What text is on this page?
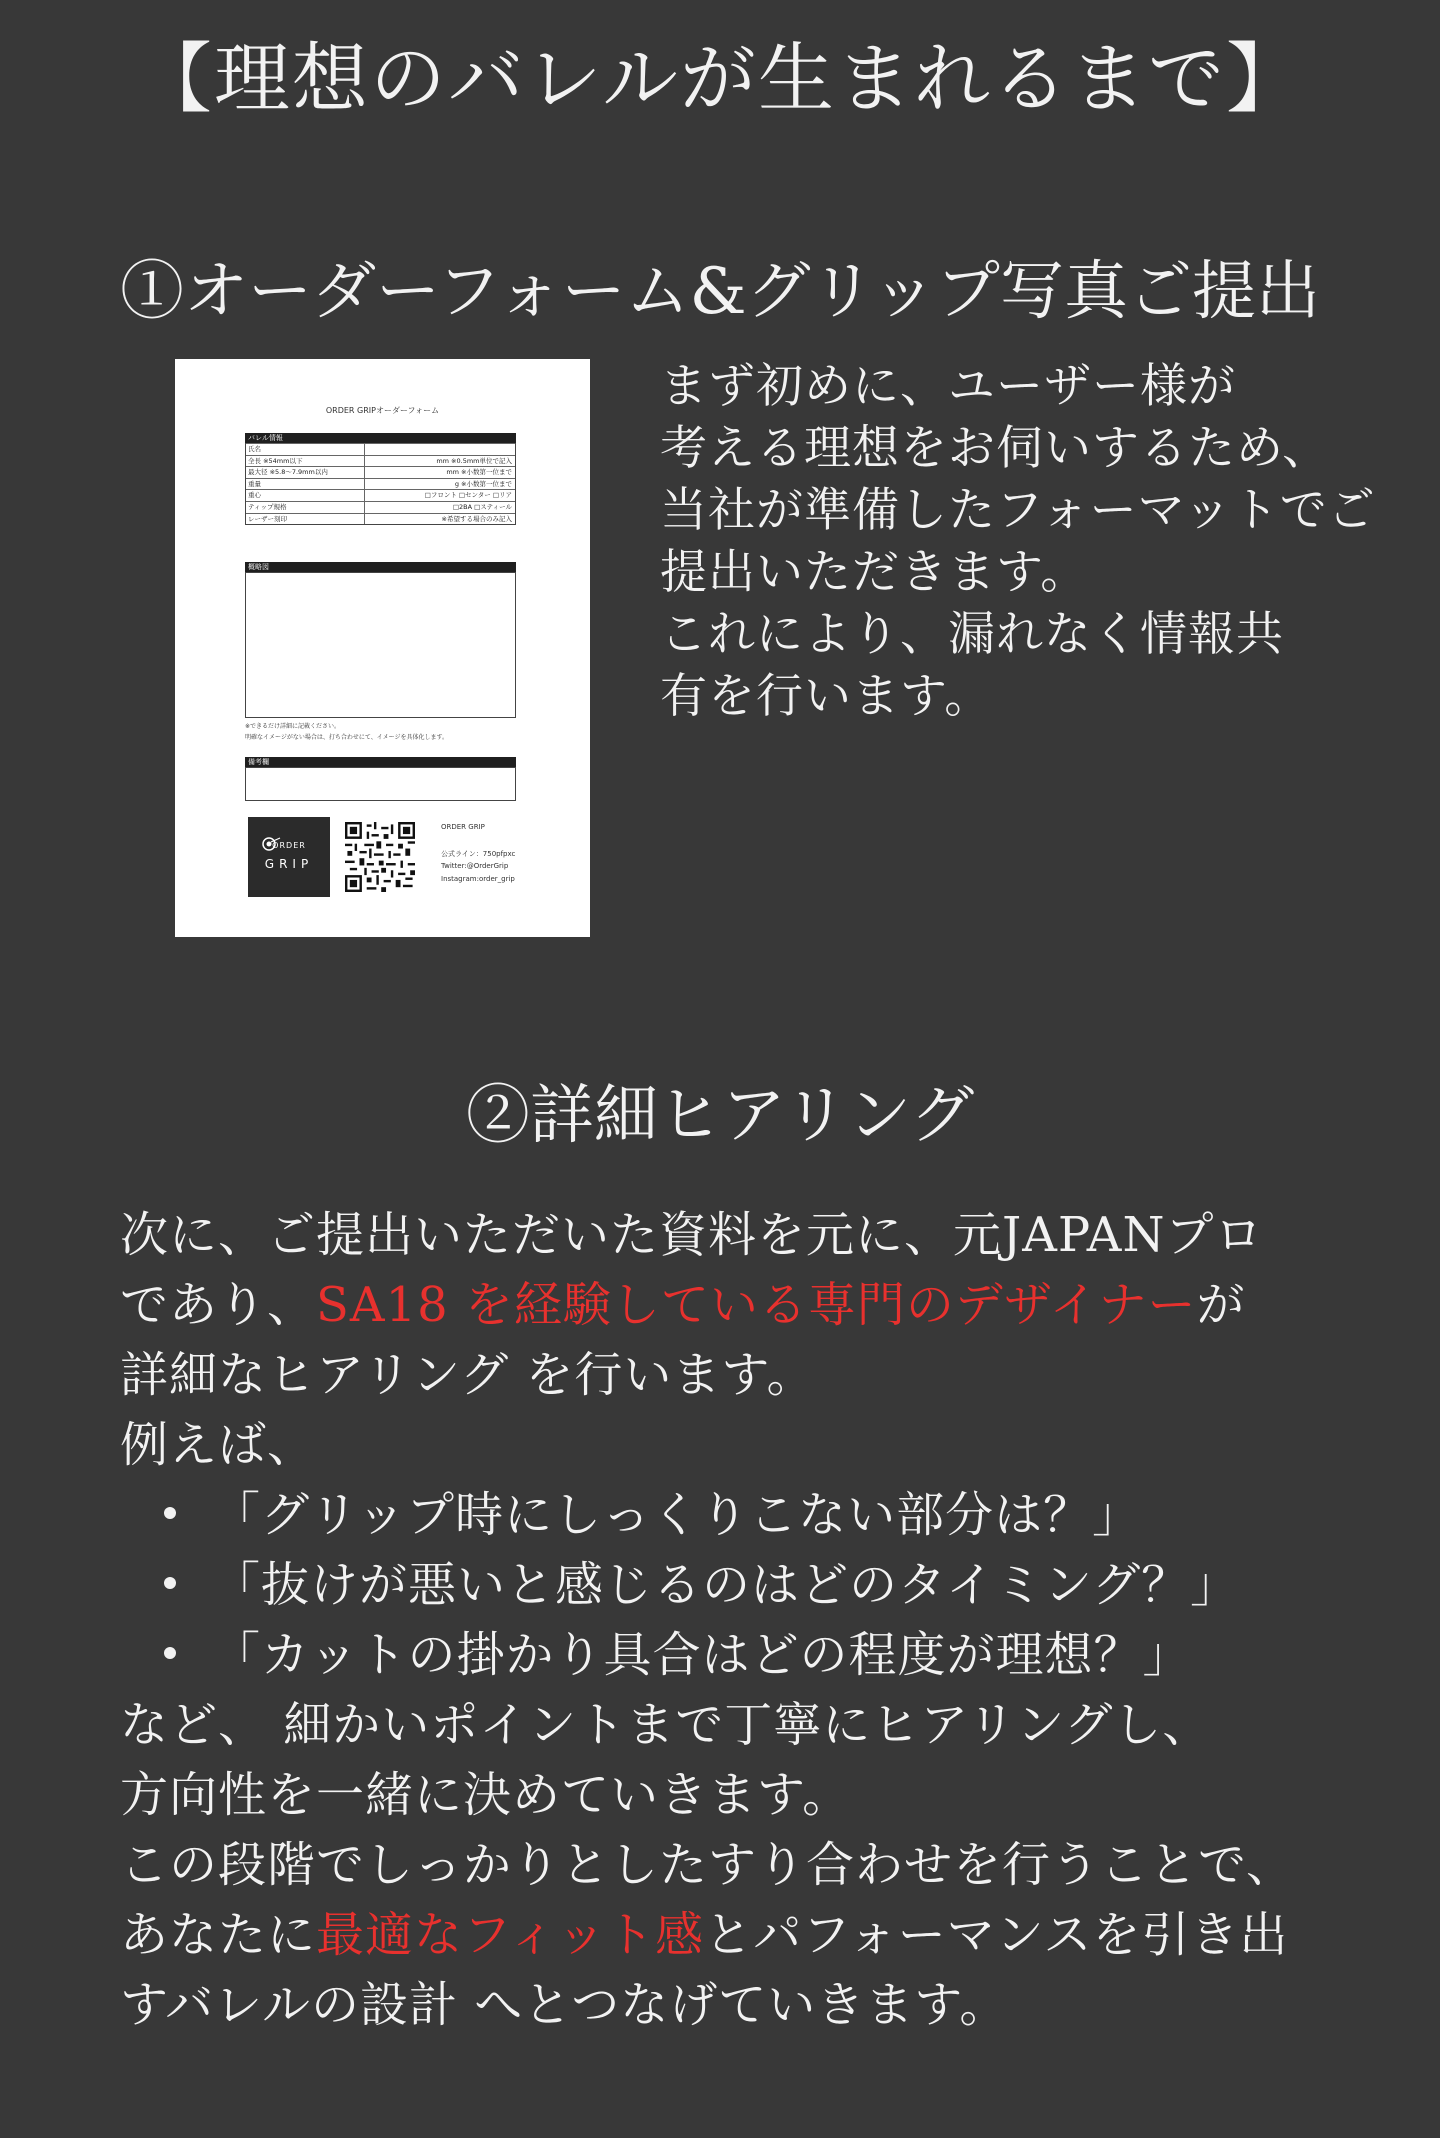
【理想のバレルが生まれるまで】
①オーダーフォーム&グリップ写真ご提出
ORDER GRIPオーダーフォーム
バレル情報
氏名
全長 ※54mm以下	mm ※0.5mm単位で記入
最大径 ※5.8〜7.9mm以内	mm ※小数第一位まで
重量	g ※小数第一位まで
重心	□フロント □センター □リア
ティップ規格	□2BA □スティール
レーザー刻印	※希望する場合のみ記入
概略図
※できるだけ詳細に記載ください。
明確なイメージがない場合は、打ち合わせにて、イメージを具体化します。
備考欄
ORDER
GRIP
ORDER GRIP
公式ライン：750pfpxc
Twitter:@OrderGrip
Instagram:order_grip
まず初めに、ユーザー様が
考える理想をお伺いするため、
当社が準備したフォーマットでご
提出いただきます。
これにより、漏れなく情報共
有を行います。
②詳細ヒアリング
次に、ご提出いただいた資料を元に、元JAPANプロ
であり、SA18 を経験している専門のデザイナーが
詳細なヒアリング を行います。
例えば、
「グリップ時にしっくりこない部分は？」
「抜けが悪いと感じるのはどのタイミング？」
「カットの掛かり具合はどの程度が理想？」
など、 細かいポイントまで丁寧にヒアリングし、
方向性を一緒に決めていきます。
この段階でしっかりとしたすり合わせを行うことで、
あなたに最適なフィット感とパフォーマンスを引き出
すバレルの設計 へとつなげていきます。
